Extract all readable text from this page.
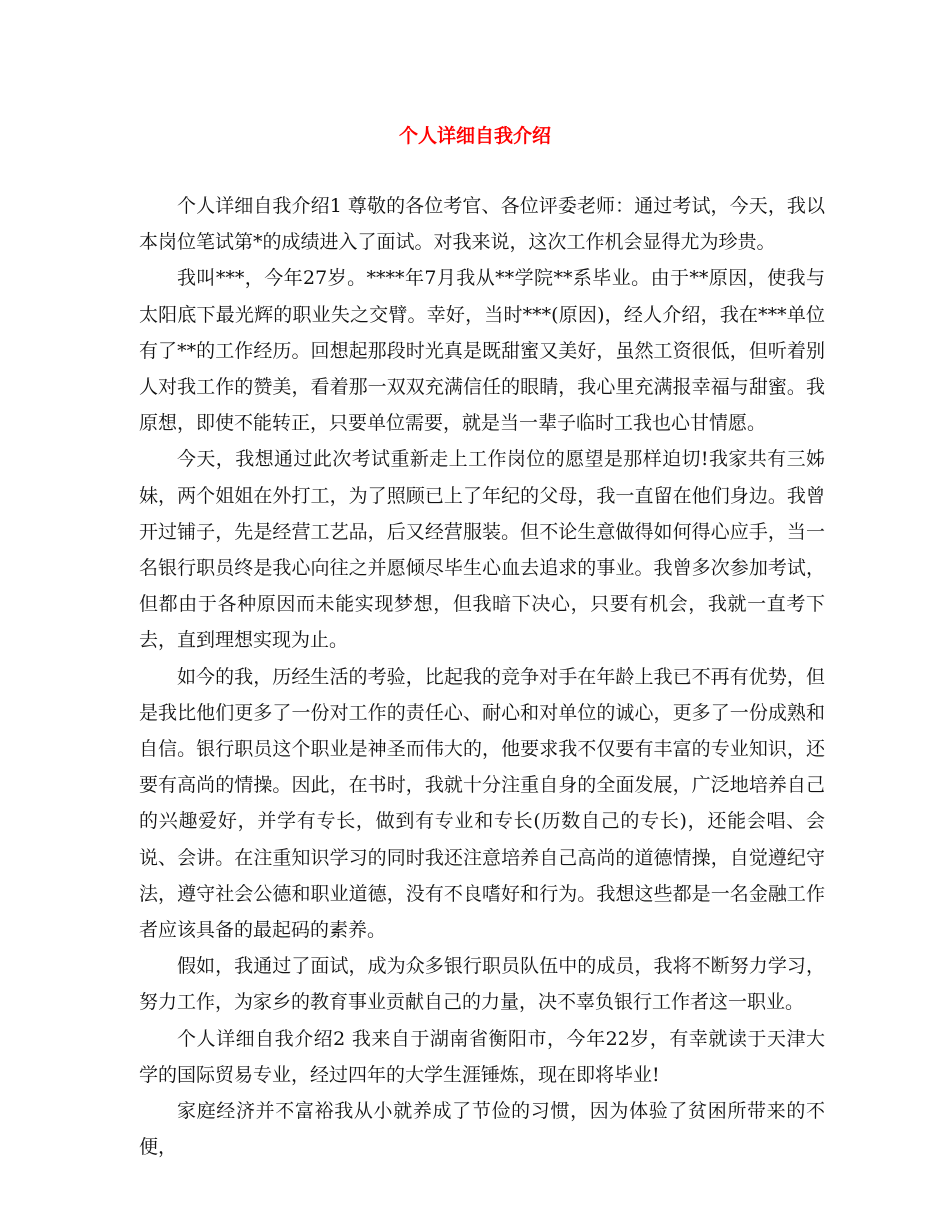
个人详细自我介绍

个人详细自我介绍1 尊敬的各位考官、各位评委老师：通过考试，今天，我以本岗位笔试第*的成绩进入了面试。对我来说，这次工作机会显得尤为珍贵。

我叫***，今年27岁。****年7月我从**学院**系毕业。由于**原因，使我与太阳底下最光辉的职业失之交臂。幸好，当时***(原因)，经人介绍，我在***单位有了**的工作经历。回想起那段时光真是既甜蜜又美好，虽然工资很低，但听着别人对我工作的赞美，看着那一双双充满信任的眼睛，我心里充满报幸福与甜蜜。我原想，即使不能转正，只要单位需要，就是当一辈子临时工我也心甘情愿。

今天，我想通过此次考试重新走上工作岗位的愿望是那样迫切!我家共有三姊妹，两个姐姐在外打工，为了照顾已上了年纪的父母，我一直留在他们身边。我曾开过铺子，先是经营工艺品，后又经营服装。但不论生意做得如何得心应手，当一名银行职员终是我心向往之并愿倾尽毕生心血去追求的事业。我曾多次参加考试，但都由于各种原因而未能实现梦想，但我暗下决心，只要有机会，我就一直考下去，直到理想实现为止。

如今的我，历经生活的考验，比起我的竞争对手在年龄上我已不再有优势，但是我比他们更多了一份对工作的责任心、耐心和对单位的诚心，更多了一份成熟和自信。银行职员这个职业是神圣而伟大的，他要求我不仅要有丰富的专业知识，还要有高尚的情操。因此，在书时，我就十分注重自身的全面发展，广泛地培养自己的兴趣爱好，并学有专长，做到有专业和专长(历数自己的专长)，还能会唱、会说、会讲。在注重知识学习的同时我还注意培养自己高尚的道德情操，自觉遵纪守法，遵守社会公德和职业道德，没有不良嗜好和行为。我想这些都是一名金融工作者应该具备的最起码的素养。

假如，我通过了面试，成为众多银行职员队伍中的成员，我将不断努力学习，努力工作，为家乡的教育事业贡献自己的力量，决不辜负银行工作者这一职业。

个人详细自我介绍2 我来自于湖南省衡阳市，今年22岁，有幸就读于天津大学的国际贸易专业，经过四年的大学生涯锤炼，现在即将毕业!

家庭经济并不富裕我从小就养成了节俭的习惯，因为体验了贫困所带来的不便，
